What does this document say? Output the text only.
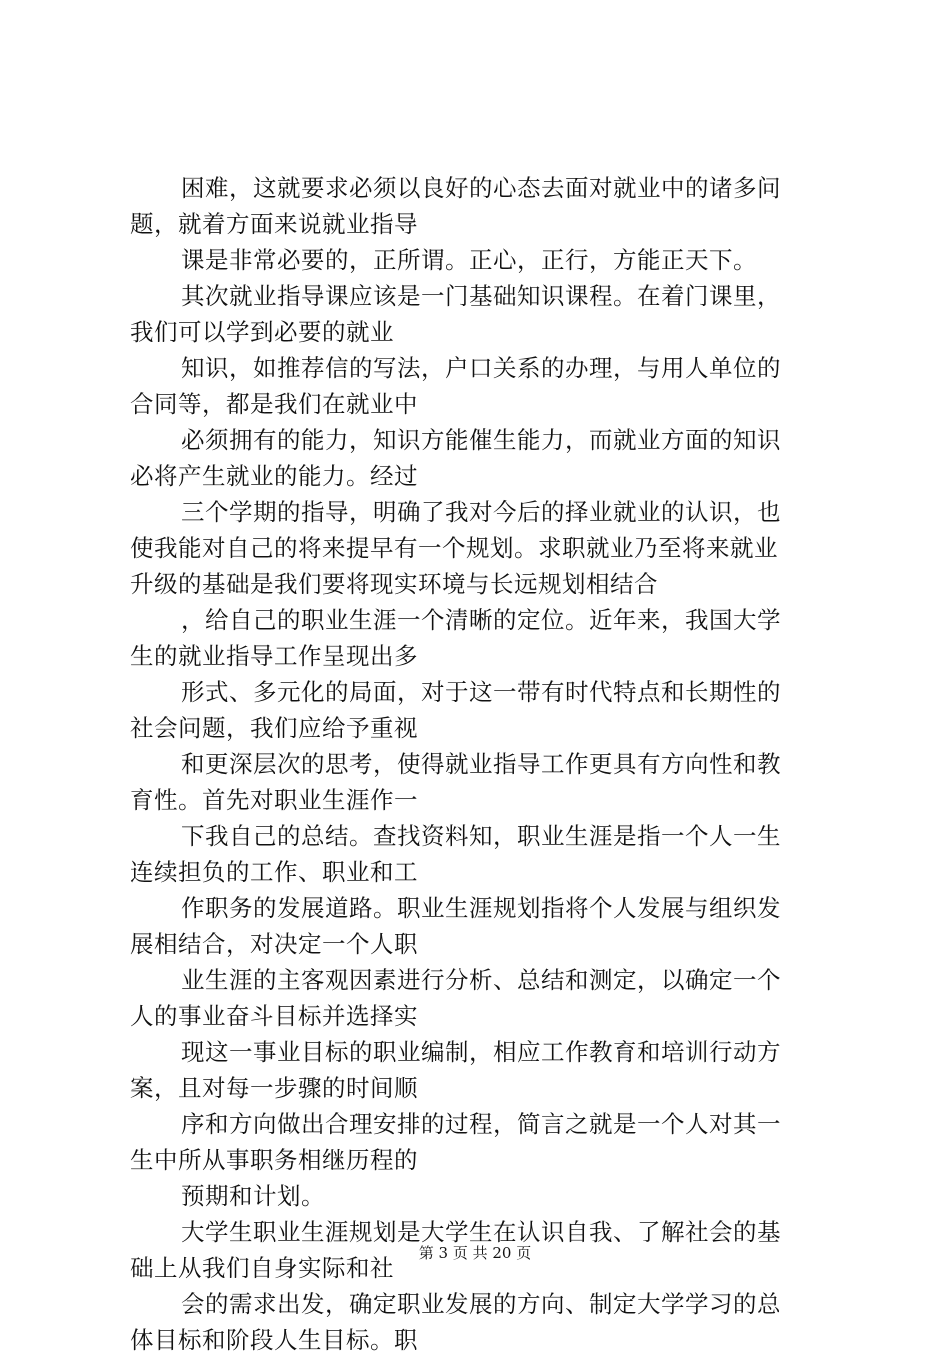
困难，这就要求必须以良好的心态去面对就业中的诸多问
题，就着方面来说就业指导
课是非常必要的，正所谓。正心，正行，方能正天下。
其次就业指导课应该是一门基础知识课程。在着门课里，
我们可以学到必要的就业
知识，如推荐信的写法，户口关系的办理，与用人单位的
合同等，都是我们在就业中
必须拥有的能力，知识方能催生能力，而就业方面的知识
必将产生就业的能力。经过
三个学期的指导，明确了我对今后的择业就业的认识，也
使我能对自己的将来提早有一个规划。求职就业乃至将来就业
升级的基础是我们要将现实环境与长远规划相结合
，给自己的职业生涯一个清晰的定位。近年来，我国大学
生的就业指导工作呈现出多
形式、多元化的局面，对于这一带有时代特点和长期性的
社会问题，我们应给予重视
和更深层次的思考，使得就业指导工作更具有方向性和教
育性。首先对职业生涯作一
下我自己的总结。查找资料知，职业生涯是指一个人一生
连续担负的工作、职业和工
作职务的发展道路。职业生涯规划指将个人发展与组织发
展相结合，对决定一个人职
业生涯的主客观因素进行分析、总结和测定，以确定一个
人的事业奋斗目标并选择实
现这一事业目标的职业编制，相应工作教育和培训行动方
案，且对每一步骤的时间顺
序和方向做出合理安排的过程，简言之就是一个人对其一
生中所从事职务相继历程的
预期和计划。
大学生职业生涯规划是大学生在认识自我、了解社会的基
础上从我们自身实际和社
会的需求出发，确定职业发展的方向、制定大学学习的总
体目标和阶段人生目标。职
第 3 页 共 20 页
